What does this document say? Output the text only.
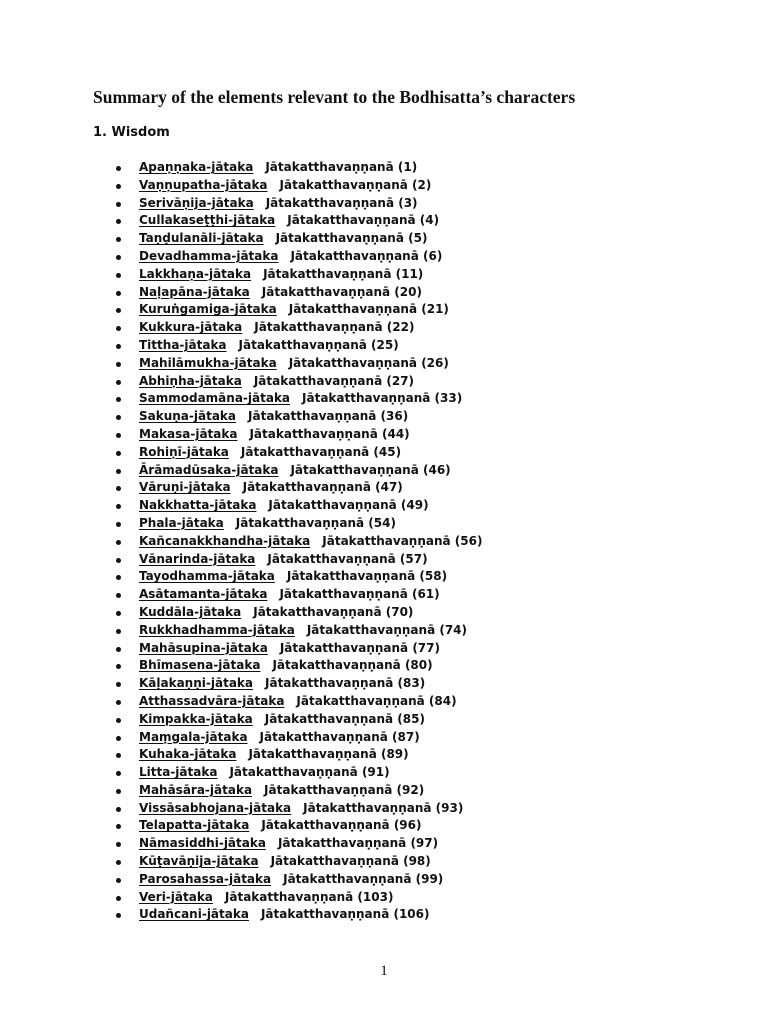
Summary of the elements relevant to the Bodhisatta’s characters
1. Wisdom
Apaṇṇaka-jātaka Jātakatthavaṇṇanā (1)
Vaṇṇupatha-jātaka Jātakatthavaṇṇanā (2)
Serivāṇija-jātaka Jātakatthavaṇṇanā (3)
Cullakaseṭṭhi-jātaka Jātakatthavaṇṇanā (4)
Taṇḍulanāli-jātaka Jātakatthavaṇṇanā (5)
Devadhamma-jātaka Jātakatthavaṇṇanā (6)
Lakkhaṇa-jātaka Jātakatthavaṇṇanā (11)
Naḷapāna-jātaka Jātakatthavaṇṇanā (20)
Kuruṅgamiga-jātaka Jātakatthavaṇṇanā (21)
Kukkura-jātaka Jātakatthavaṇṇanā (22)
Tittha-jātaka Jātakatthavaṇṇanā (25)
Mahilāmukha-jātaka Jātakatthavaṇṇanā (26)
Abhiṇha-jātaka Jātakatthavaṇṇanā (27)
Sammodamāna-jātaka Jātakatthavaṇṇanā (33)
Sakuṇa-jātaka Jātakatthavaṇṇanā (36)
Makasa-jātaka Jātakatthavaṇṇanā (44)
Rohiṇī-jātaka Jātakatthavaṇṇanā (45)
Ārāmadūsaka-jātaka Jātakatthavaṇṇanā (46)
Vāruṇi-jātaka Jātakatthavaṇṇanā (47)
Nakkhatta-jātaka Jātakatthavaṇṇanā (49)
Phala-jātaka Jātakatthavaṇṇanā (54)
Kañcanakkhandha-jātaka Jātakatthavaṇṇanā (56)
Vānarinda-jātaka Jātakatthavaṇṇanā (57)
Tayodhamma-jātaka Jātakatthavaṇṇanā (58)
Asātamanta-jātaka Jātakatthavaṇṇanā (61)
Kuddāla-jātaka Jātakatthavaṇṇanā (70)
Rukkhadhamma-jātaka Jātakatthavaṇṇanā (74)
Mahāsupina-jātaka Jātakatthavaṇṇanā (77)
Bhīmasena-jātaka Jātakatthavaṇṇanā (80)
Kāḷakaṇṇi-jātaka Jātakatthavaṇṇanā (83)
Atthassadvāra-jātaka Jātakatthavaṇṇanā (84)
Kimpakka-jātaka Jātakatthavaṇṇanā (85)
Maṃgala-jātaka Jātakatthavaṇṇanā (87)
Kuhaka-jātaka Jātakatthavaṇṇanā (89)
Litta-jātaka Jātakatthavaṇṇanā (91)
Mahāsāra-jātaka Jātakatthavaṇṇanā (92)
Vissāsabhojana-jātaka Jātakatthavaṇṇanā (93)
Telapatta-jātaka Jātakatthavaṇṇanā (96)
Nāmasiddhi-jātaka Jātakatthavaṇṇanā (97)
Kūṭavāṇija-jātaka Jātakatthavaṇṇanā (98)
Parosahassa-jātaka Jātakatthavaṇṇanā (99)
Veri-jātaka Jātakatthavaṇṇanā (103)
Udañcani-jātaka Jātakatthavaṇṇanā (106)
1
